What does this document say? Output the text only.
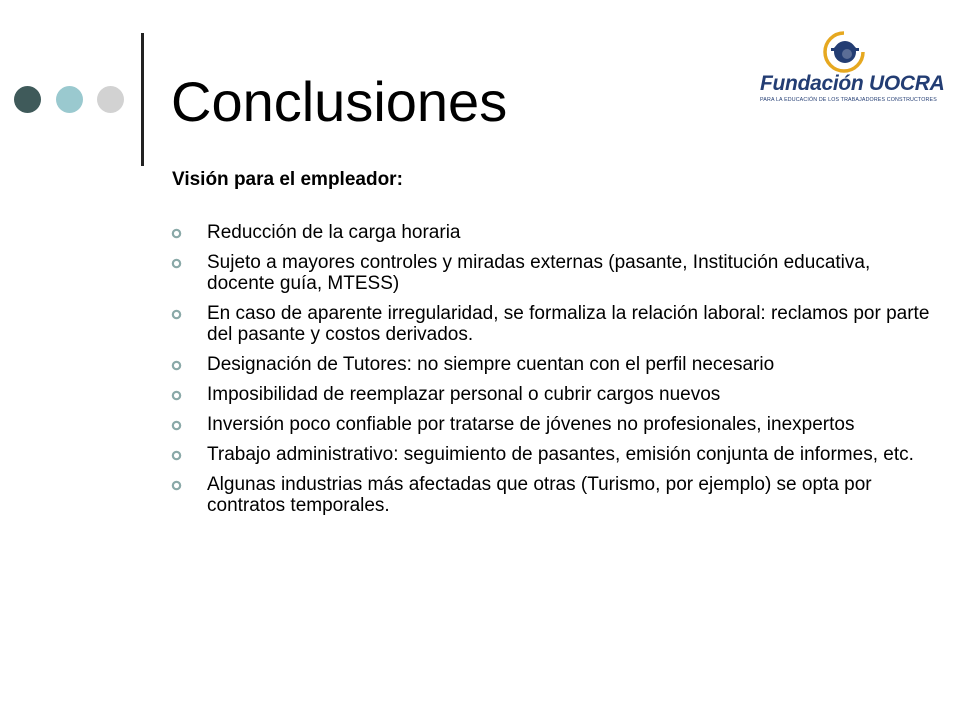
Conclusiones	Fundación UOCRA
PARA LA EDUCACIÓN DE LOS TRABAJADORES CONSTRUCTORES
Visión para el empleador:
Reducción de la carga horaria
Sujeto a mayores controles y miradas externas (pasante, Institución educativa, docente guía, MTESS)
En caso de aparente irregularidad, se formaliza la relación laboral: reclamos por parte del pasante y costos derivados.
Designación de Tutores: no siempre cuentan con el perfil necesario
Imposibilidad de reemplazar personal o cubrir cargos nuevos
Inversión poco confiable por tratarse de jóvenes no profesionales, inexpertos
Trabajo administrativo: seguimiento de pasantes, emisión conjunta de informes, etc.
Algunas industrias más afectadas que otras (Turismo, por ejemplo) se opta por contratos temporales.
